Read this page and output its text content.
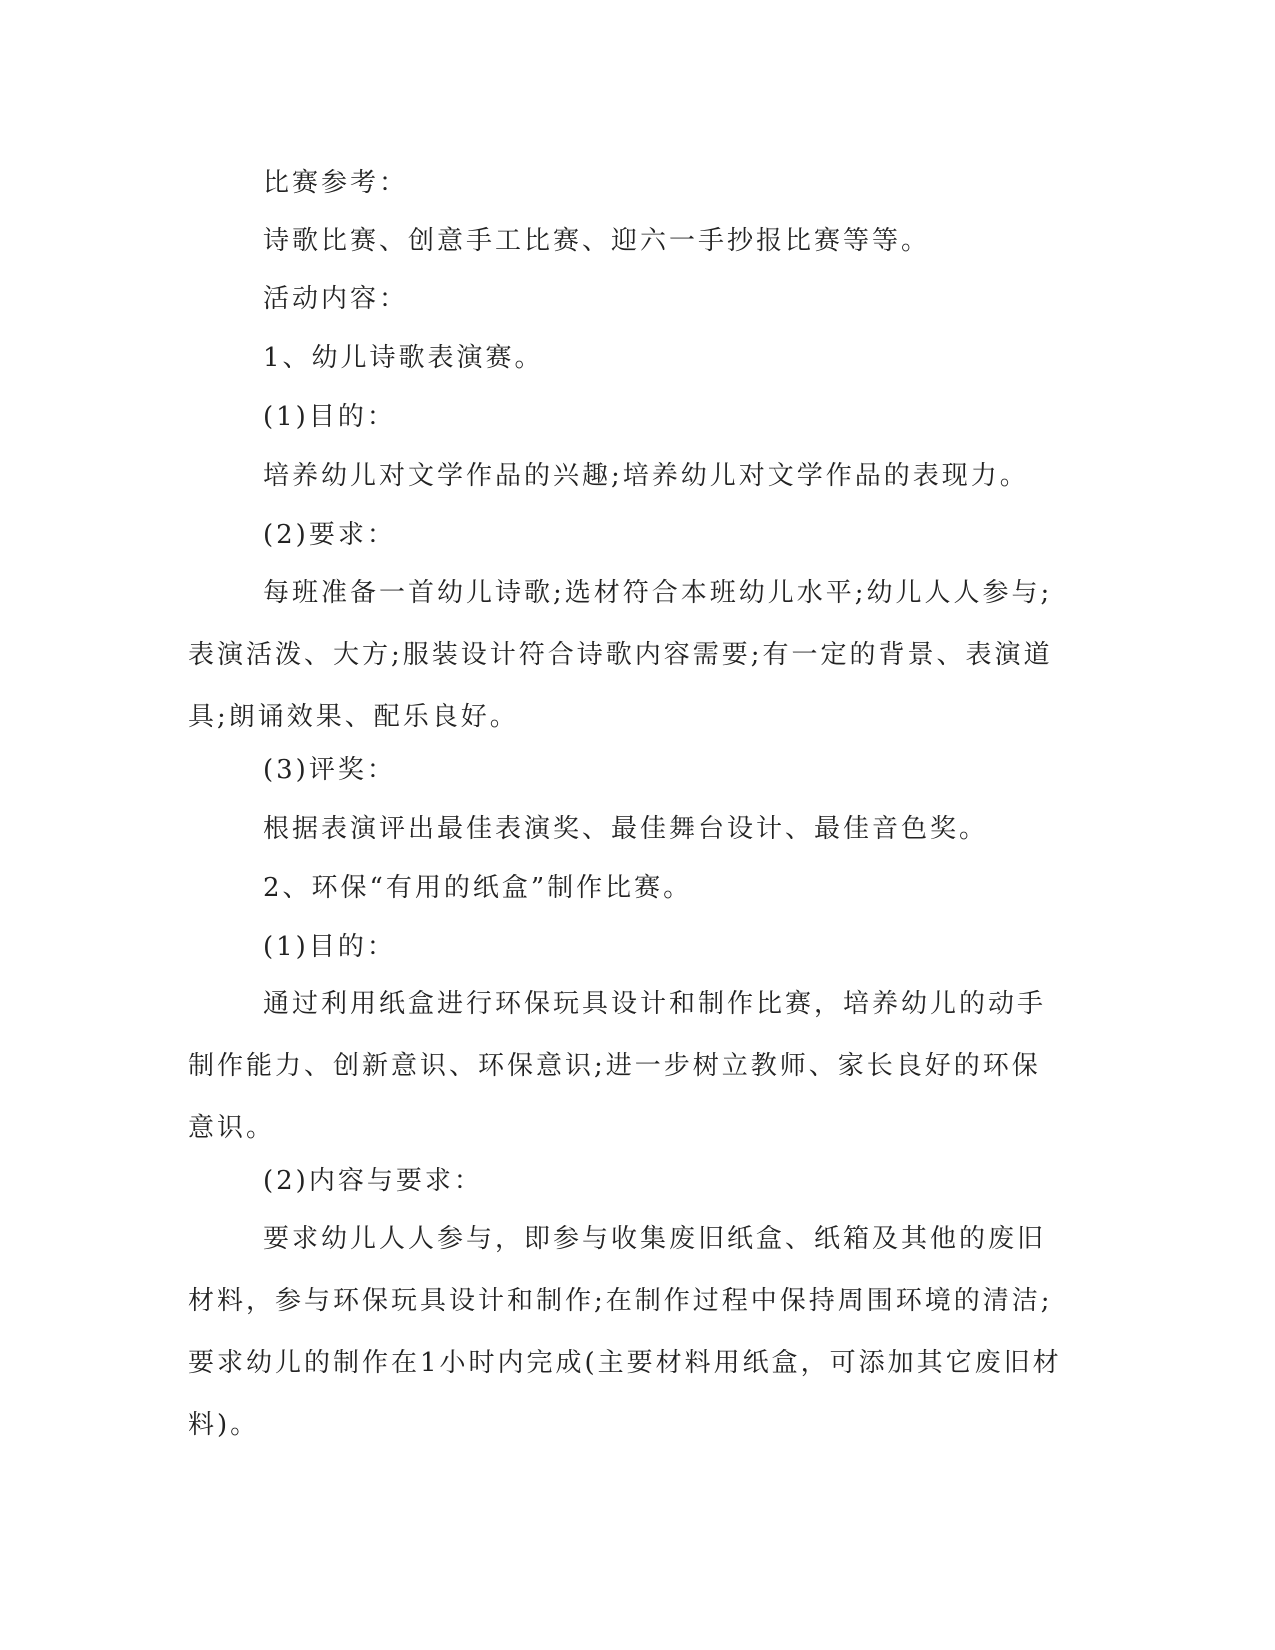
比赛参考：

诗歌比赛、创意手工比赛、迎六一手抄报比赛等等。

活动内容：

1、幼儿诗歌表演赛。

(1)目的：

培养幼儿对文学作品的兴趣;培养幼儿对文学作品的表现力。

(2)要求：

每班准备一首幼儿诗歌;选材符合本班幼儿水平;幼儿人人参与;表演活泼、大方;服装设计符合诗歌内容需要;有一定的背景、表演道具;朗诵效果、配乐良好。

(3)评奖：

根据表演评出最佳表演奖、最佳舞台设计、最佳音色奖。

2、环保“有用的纸盒”制作比赛。

(1)目的：

通过利用纸盒进行环保玩具设计和制作比赛，培养幼儿的动手制作能力、创新意识、环保意识;进一步树立教师、家长良好的环保意识。

(2)内容与要求：

要求幼儿人人参与，即参与收集废旧纸盒、纸箱及其他的废旧材料，参与环保玩具设计和制作;在制作过程中保持周围环境的清洁;要求幼儿的制作在1小时内完成(主要材料用纸盒，可添加其它废旧材料)。
